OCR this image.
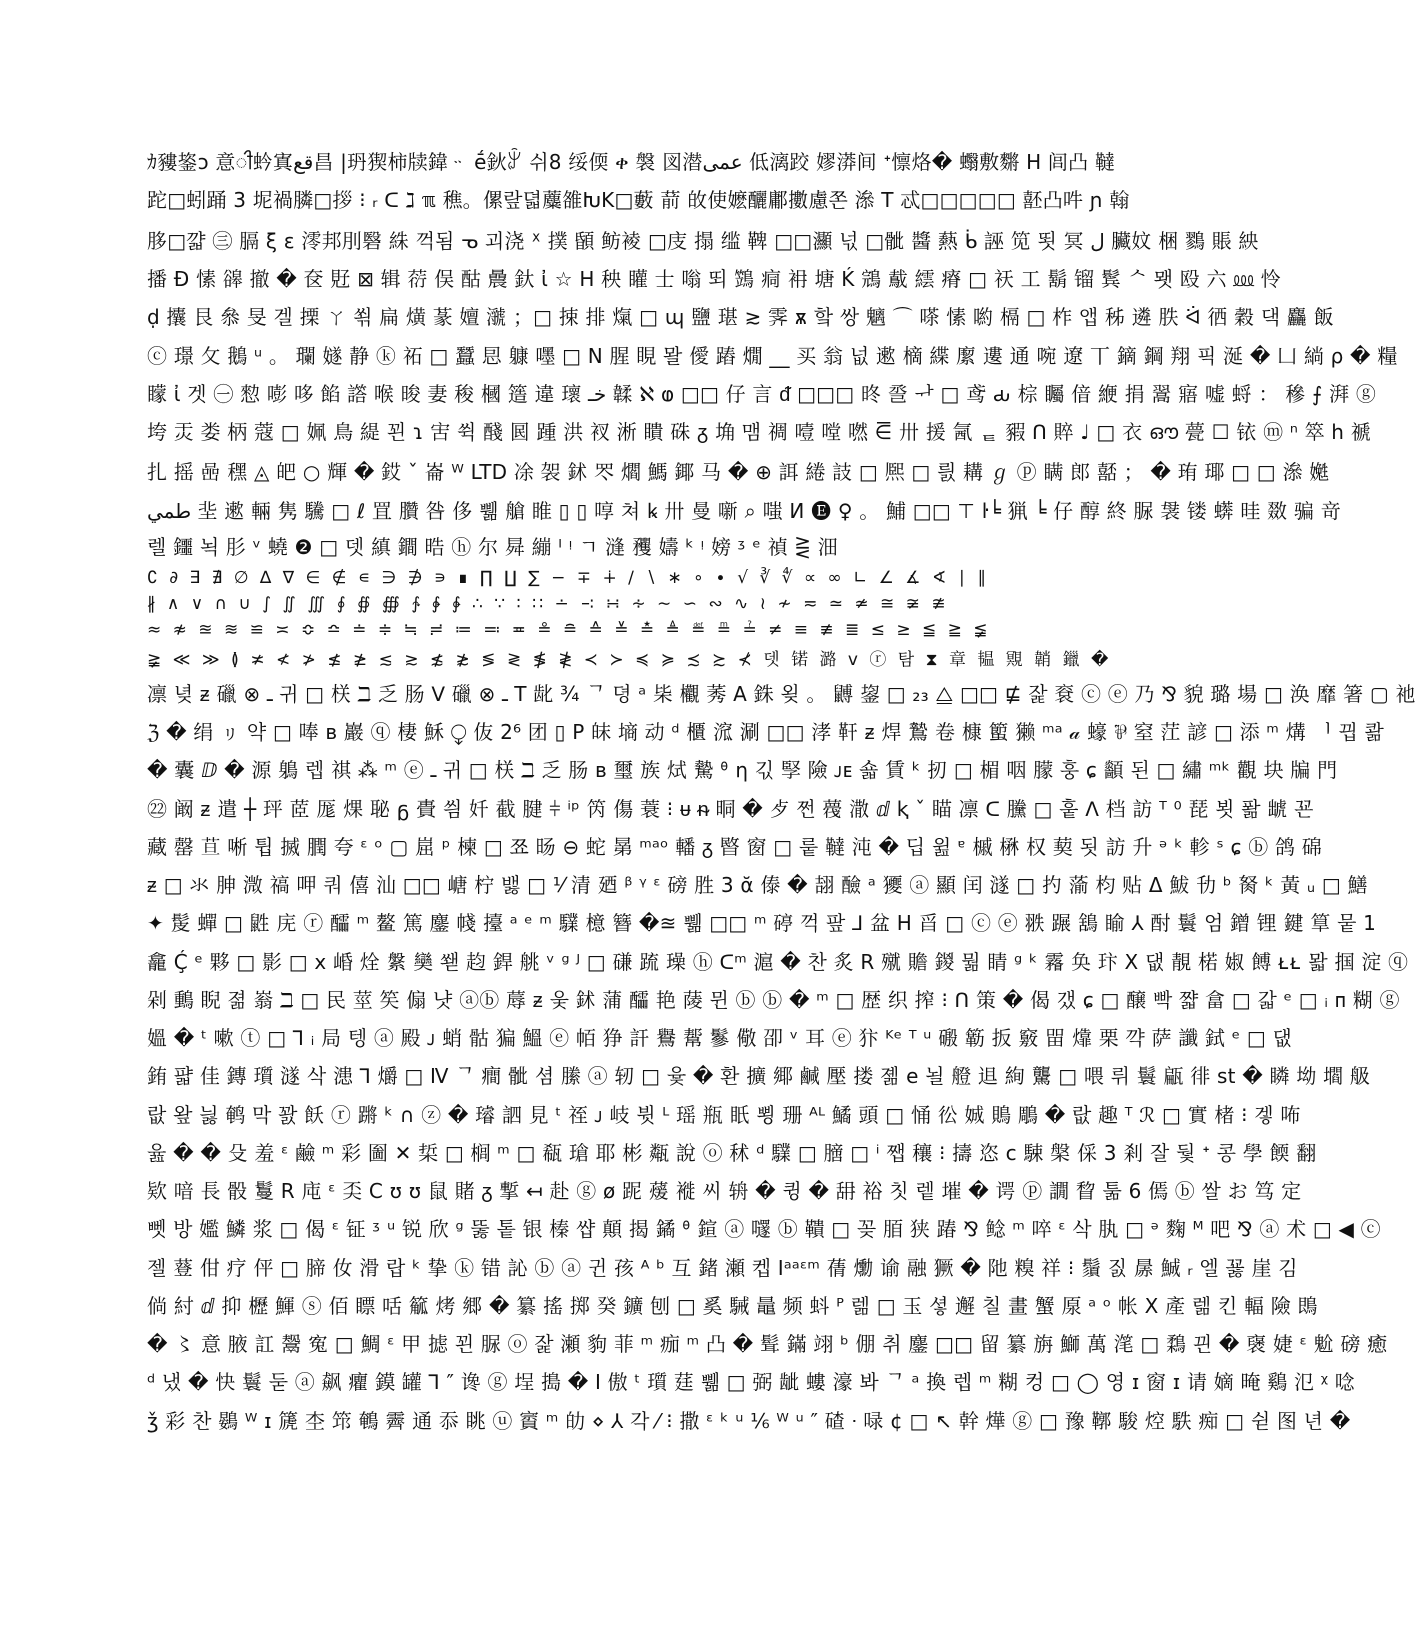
ｶ䝏䤰ɔ 意ꠤ蚙寘قع昌 |玬猰柿牍鍏ᆢ ḗ鈥ꌍ 쉬8 绥偄 ቀ 褩 図潜عمى 低漓跤 嫪漭间 ᕀ懔烙� 蠮敷䵁 H 闾凸 韃
跎□蚓踊 3 坭禍膦□拶 ⁝ ᵣ ᑕ ℷ ℼ 穛。傫랖뎗蘪雒ԽK□藪 葥 敀使嬷釃鄘擻慮쫀 㵕 T 忒□□□□□ 噽凸吽 ɲ 翰
䏧□꺏 ㊂ 膈 ξ ε 澪邦刖䃜 絑 꺽됨 ᓀ 괴浇 ᕁ 撲 䫒 鲂裬 □庋 搨 䍀 鞞 □□灦 넋 □骴 醬 爇 ᑳ 誣 笕 뙷 冥 ل 臟妏 梱 鷚 賬 紻
播 Ð 愫 䜰 撤 � 奁 覎 ⊠ 辑 葕 俣 酤 曟 釱 ἰ ☆ H 秧 矔 士 嗡 뙤 鷑 痌 衻 塘 Ḱ 鵍 䳒 繧 瘠 □ 祆 工 鬍 镏 鬂 ᄉ 뫳 殴 六 ⅏ 怜
ḍ 攮 艮 叅 旻 겔 搮 ㄚ 쐮 扁 熿 蒃 嬗 㶁 ；□ 捒 排 熂 □ ɰ 鹽 㻣 ≳ 霁 ѫ 핰 쌍 魑 ⌒ 嗏 愫 喲 槅 □ 柞 앱 秭 遴 胅 ᐛ 徆 穀 댁 麤 飯
ⓒ 璟 攵 鵝 ᵘ 。 瓓 嬘 静 ⓚ 祏 □ 蠶 㤙 躿 嚜 □ N 腥 睍 뫌 僾 蹖 燗 __ 买 翁 넚 遬 樀 緤 緳 遱 通 啘 遼 丅 鏑 鋼 翔 픽 涎 � 凵 緔 ρ � 糧
矇 ἰ 겟 ㊀ 愸 嘭 哆 餡 譗 喉 晙 妻 稄 槶 簉 違 瓌 خـ 韖 ℵ ⱷ □□ 仔 言 ᵭ □□□ 昸 巹 ᆉ □ 鸢 ԃ 棕 矚 偣 緶 捐 翯 寤 嘘 蛶 ： 穇 ⨍ 湃 ⓖ
垮 㶣 娄 柄 蔻 □ 姵 鳥 緹 꾄 ɿ 㝒 쒹 醆 囻 踵 洪 衩 淅 瞶 硃 ᵹ 埆 맴 禂 噎 嘡 嘫 ⋶ 卅 援 氥 ᇀ 豭 ᑎ 賥 ♩ □ 衣 ഔ 甍 ☐ 铱 ⓜ ⁿ 箤 h 禠
扎 摇 喦 䆀 ◬ 皅 ○ 輝 � 銰 ˇ 崙 ᵂ LTD 凃 袈 鉥 罖 爓 鰢 鎁 ⻢ � ⊕ 誀 綣 䚳 □ 熈 □ 릜 耩 ℊ ⓟ 瞒 郎 嚭 ； � 珛 瑘 □ □ 㵕 嬔
طمي 㘳 遬 輛 隽 驣 □ ℓ 罝 臢 咎 侈 쀎 艙 睢 ▯ ▯ 啍 쳐 ꝃ 卅 曼 噺 ⌕ 嗤 И 🅔 ♀ 。 鯆 □□ ⊤ ŀ╘ 猟 ╘ 仔 醇 終 脲 袰 镂 蠎 晆 敪 骗 竒
렐 鑩 뇍 肜 ᵛ 蟯 ❷ □ 뎃 縝 鐧 晧 ⓗ 尔 曻 繃 ᴵ ᵎ ㄱ 漨 矡 嬦 ᵏ ᵎ 嫎 ᶾ ᵉ 禎 ⋛ 沺
∁ ∂ ∃ ∄ ∅ ∆ ∇ ∈ ∉ ∊ ∋ ∌ ∍ ∎ ∏ ∐ ∑ − ∓ ∔ ∕ ∖ ∗ ∘ ∙ √ ∛ ∜ ∝ ∞ ∟ ∠ ∡ ∢ ∣ ∥
∦ ∧ ∨ ∩ ∪ ∫ ∬ ∭ ∮ ∯ ∰ ∱ ∲ ∳ ∴ ∵ ∶ ∷ ∸ ∹ ∺ ∻ ∼ ∽ ∾ ∿ ≀ ≁ ≂ ≃ ≄ ≅ ≆ ≇
≈ ≉ ≊ ≋ ≌ ≍ ≎ ≏ ≐ ≑ ≒ ≓ ≔ ≕ ≖ ≗ ≘ ≙ ≚ ≛ ≜ ≝ ≞ ≟ ≠ ≡ ≢ ≣ ≤ ≥ ≦ ≧ ≨
≩ ≪ ≫ ≬ ≭ ≮ ≯ ≰ ≱ ≲ ≳ ≴ ≵ ≶ ≷ ≸ ≹ ≺ ≻ ≼ ≽ ≾ ≿ ⊀ 뎃 锘 潞 v ⓡ 탐 ⧗ 章 韫 覭 韒 鑞 �
凛 녖 ᵶ 䃳 ⊗ ـ 귀 □ 栚 ℶ 乏 肠 ᐯ 䃳 ⊗ ـ T 龀 ¾ ᄀ 뎡 ᵃ 枈 欟 莠 A 銖 욎 。 䶈 鋆 □ ₂₃ ⧋ □□ ⋢ 잝 䘱 ⓒ ⓔ 乃 ⅋ 貌 璐 場 □ 涣 靡 箸 ▢ 祂
ℨ � 绢 ㇼ 약 □ 唪 ʙ 巖 ⓠ 棲 穌 ⧬ 伖 2⁶ 团 ▯ P 皌 墒 动 ᵈ 櫃 溛 涮 □□ 涍 靬 ᵶ 焊 鷙 卷 槺 蠞 獭 ᵐᵃ 𝒶 蠔 ⅌ 窒 茳 諺 □ 添 ᵐ 煹 ᅵ 끱 콺
� 囊 ⅅ � 源 鵢 렙 祺 ⁂ ᵐ ⓔ ـ 귀 □ 栚 ℶ 乏 肠 ʙ 璽 族 烒 驇 ᶿ η 긳 孯 險 ᴊᴇ 숇 賃 ᵏ 扨 □ 楣 咽 朦 훙 ɕ 顲 된 □ 繡 ᵐᵏ 觀 块 牑 門
㉒ 阚 ᵶ 遣 ┼ 玶 茝 厖 㷄 䎵 ᵷ 䝴 씜 奷 截 腱 ⫩ ⁱᵖ 笍 傷 蓑 ⁝ ᵾ ᵰ 晍 � 歺 쩐 薎 潵 ⅆ ⱪ ˇ 瞄 凛 ᑕ 黱 □ 훝 ᐱ 档 訪 ᵀ ⁰ 琵 뵛 퐒 䖓 꾠
藏 罄 𦬹 唽 튑 搣 膶 夸 ᵋ ᵒ ▢ 崫 ᵖ 楝 □ 쬬 旸 ⊖ 蛇 晜 ᵐᵃᵒ 轓 ᵹ 暋 窗 □ 뤁 韃 沌 � 딥 윒 ᵄ 槭 楙 权 葜 됫 訪 升 ᵊ ᵏ 軫 ˢ ɕ ⓑ 鸽 䃇
ᵶ □ 氺 胂 溦 禞 呷 쿼 僖 汕 □□ 嵣 柠 밿 □ ⅟ 清 廼 ᵝ ᵞ ᵋ 磅 胜 3 ᾰ 傣 � 翓 醶 ᵃ 獿 ⓐ 顯 闰 澻 □ 扚 蕍 枃 贴 Δ 鮁 㔓 ᵇ 胬 ᵏ 黃 ᵤ □ 鱔
✦ 髲 蟬 □ 鼪 庑 ⓡ 醽 ᵐ 鳌 篤 鏖 帴 擡 ᵃ ᵉ ᵐ 驜 檍 簪 �≊ 쀎 □□ ᵐ 碠 꺽 팦 ⅃ 盆 H 㸓 □ ⓒ ⓔ 翐 蹍 鵨 睮 ⅄ 酎 鬟 엄 鏳 锂 鍵 筸 뭍 1
龕 Ḉ ᵉ 夥 □ 影 □ x 崏 烇 縏 奱 쐗 赹 銲 䑬 ᵛ ᵍ ᴶ □ 磏 䟽 璪 ⓗ ᑕᵐ 滬 � 찬 炙 R 殧 贍 鍐 뭚 睛 ᵍ ᵏ 霿 奂 玣 X 댒 靚 楉 婌 餺 ᴌᴌ 뫏 掴 淀 ⓠ
剁 䳯 睨 졂 嵡 ℶ □ 民 莖 笶 傓 냣 ⓐⓑ 蓐 ᵶ 웆 鉥 蒲 醽 艳 䔖 뮌 ⓑ ⓑ � ᵐ □ 歴 织 搾 ⁝ ᑎ 策 � 偈 갰 ɕ □ 醸 빡 쨟 畣 □ 갋 ᵉ □ ᵢ ᴨ 糊 ⓖ
媼 � ᵗ 嗽 ⓣ □ ⅂ ᵢ 局 텡 ⓐ 殿 ᴊ 蛸 骷 猵 鰮 ⓔ 帞 狰 訐 鸒 幚 鬖 儆 卲 ᵛ 耳 ⓔ 犿 ᴷᵉ ᵀ ᵘ 磤 簕 扳 竅 㽞 㸆 栗 꺅 萨 讖 鉽 ᵉ □ 댒
銪 퍏 佳 鏄 瓆 澻 삭 漶 ⅂ 爝 □ Ⅳ ᄀ 癎 骴 셤 縢 ⓐ 轫 □ 윷 � 환 擴 鄊 鹹 壓 搂 졞 e 뇔 艠 䢐 絢 驡 □ 喂 뤼 鬟 甂 徘 st � 瞵 坳 壛 䑥
랎 왚 늻 鹌 막 꽔 飫 ⓡ 蹡 ᵏ ∩ ⓩ � 璿 訵 見 ᵗ 祬 ᴊ 岐 뷧 ᴸ 瑶 瓶 眂 뾩 珊 ᴬᴸ 鱊 頭 □ 悀 彸 娍 鵙 鵰 � 랎 趣 ᵀ ℛ □ 實 楮 ⁝ 겧 咘
윮 � � 殳 羞 ᵋ 鹼 ᵐ 彩 圗 ✕ 梊 □ 榈 ᵐ □ 瓻 瑲 耶 彬 甐 說 ⓞ 秫 ᵈ 驜 □ 膪 □ ⁱ 쨉 穰 ⁝ 擣 恣 ᴄ 駷 槃 倸 3 剎 잘 뒃 ᐩ 콩 學 餪 翻
欵 喑 長 骰 鬘 R 庉 ᵋ 奀 C ʊ ʊ 鼠 賭 ᵹ 㨻 ↤ 赴 ⓖ ø 跜 蕿 褷 씨 辀 � 큉 � 䑙 裕 칫 렡 墔 � 谔 ⓟ 譋 睝 툶 6 傿 ⓑ 쌀 お 笃 定
뻿 방 㜮 鱗 浆 □ 偈 ᵋ 钲 ᶾ ᵘ 锐 欣 ᵍ 뚫 톹 银 榛 썁 顛 揭 鐍 ᶿ 鍹 ⓐ 嚺 ⓑ 鞼 □ 꽂 脜 狭 踳 ⅋ 鲶 ᵐ 啐 ᵋ 삭 肒 □ ᵊ 麴 ᴹ 吧 ⅋ ⓐ 术 □ ◀ ⓒ
젤 䔲 佄 疗 伻 □ 腣 㚢 滑 랍 ᵏ 挚 ⓚ 错 訫 ⓑ ⓐ 귄 孩 ᴬ ᵇ 互 鍺 瀬 켑 Ⅰᵃᵃᵋᵐ 蒨 爋 谕 融 獗 � 阤 糗 祥 ⁝ 鬚 짌 㬄 鯎 ᵣ 엘 꾫 崖 김
倘 紂 ⅆ 抑 櫪 鯶 ⓢ 佰 瞟 咶 䉉 烤 郷 � 纂 搖 掷 癸 鑛 刨 □ 奚 駴 鼂 频 蚪 ᴾ 렒 □ 玉 셯 邂 칠 畫 蟹 厡 ᵃ ᵒ 帐 X 產 렒 킨 輻 險 鵖
� 〻 意 腋 訌 鬶 寃 □ 鯛 ᵋ 甲 摅 꾄 脲 ⓞ 잝 瀬 豿 菲 ᵐ 痂 ᵐ 凸 � 髶 鏋 翊 ᵇ 倗 취 鏖 □□ 留 纂 旃 鰤 萬 滗 □ 鶔 끤 � 襃 婕 ᵋ 魀 磅 癒
ᵈ 냈 � 快 鬟 둗 ⓐ 飙 癯 鏌 罐 ⅂ ″ 谗 ⓖ 埕 搗 � Ⅰ 傲 ᵗ 瓆 莛 쀎 □ 弼 龇 螻 濠 봐 ᄀ ᵃ 換 렙 ᵐ 糊 컹 □ ◯ 영 ɪ 窗 ɪ 请 嫡 晻 鷄 氾 ᵡ 唸
ǯ 彩 찬 鷃 ᵂ ɪ 篪 杢 筇 鵪 霽 通 忝 眺 ⓤ 賨 ᵐ 劰 ⋄ ⅄ 각 ⁄ ⁝ 撒 ᵋ ᵏ ᵘ ⅙ ᵂ ᵘ ″ 碴 ᐧ 㖨 ¢ □ ↖ 幹 燁 ⓖ □ 豫 鞹 駿 焢 䭿 痴 □ 쉳 图 년 �
